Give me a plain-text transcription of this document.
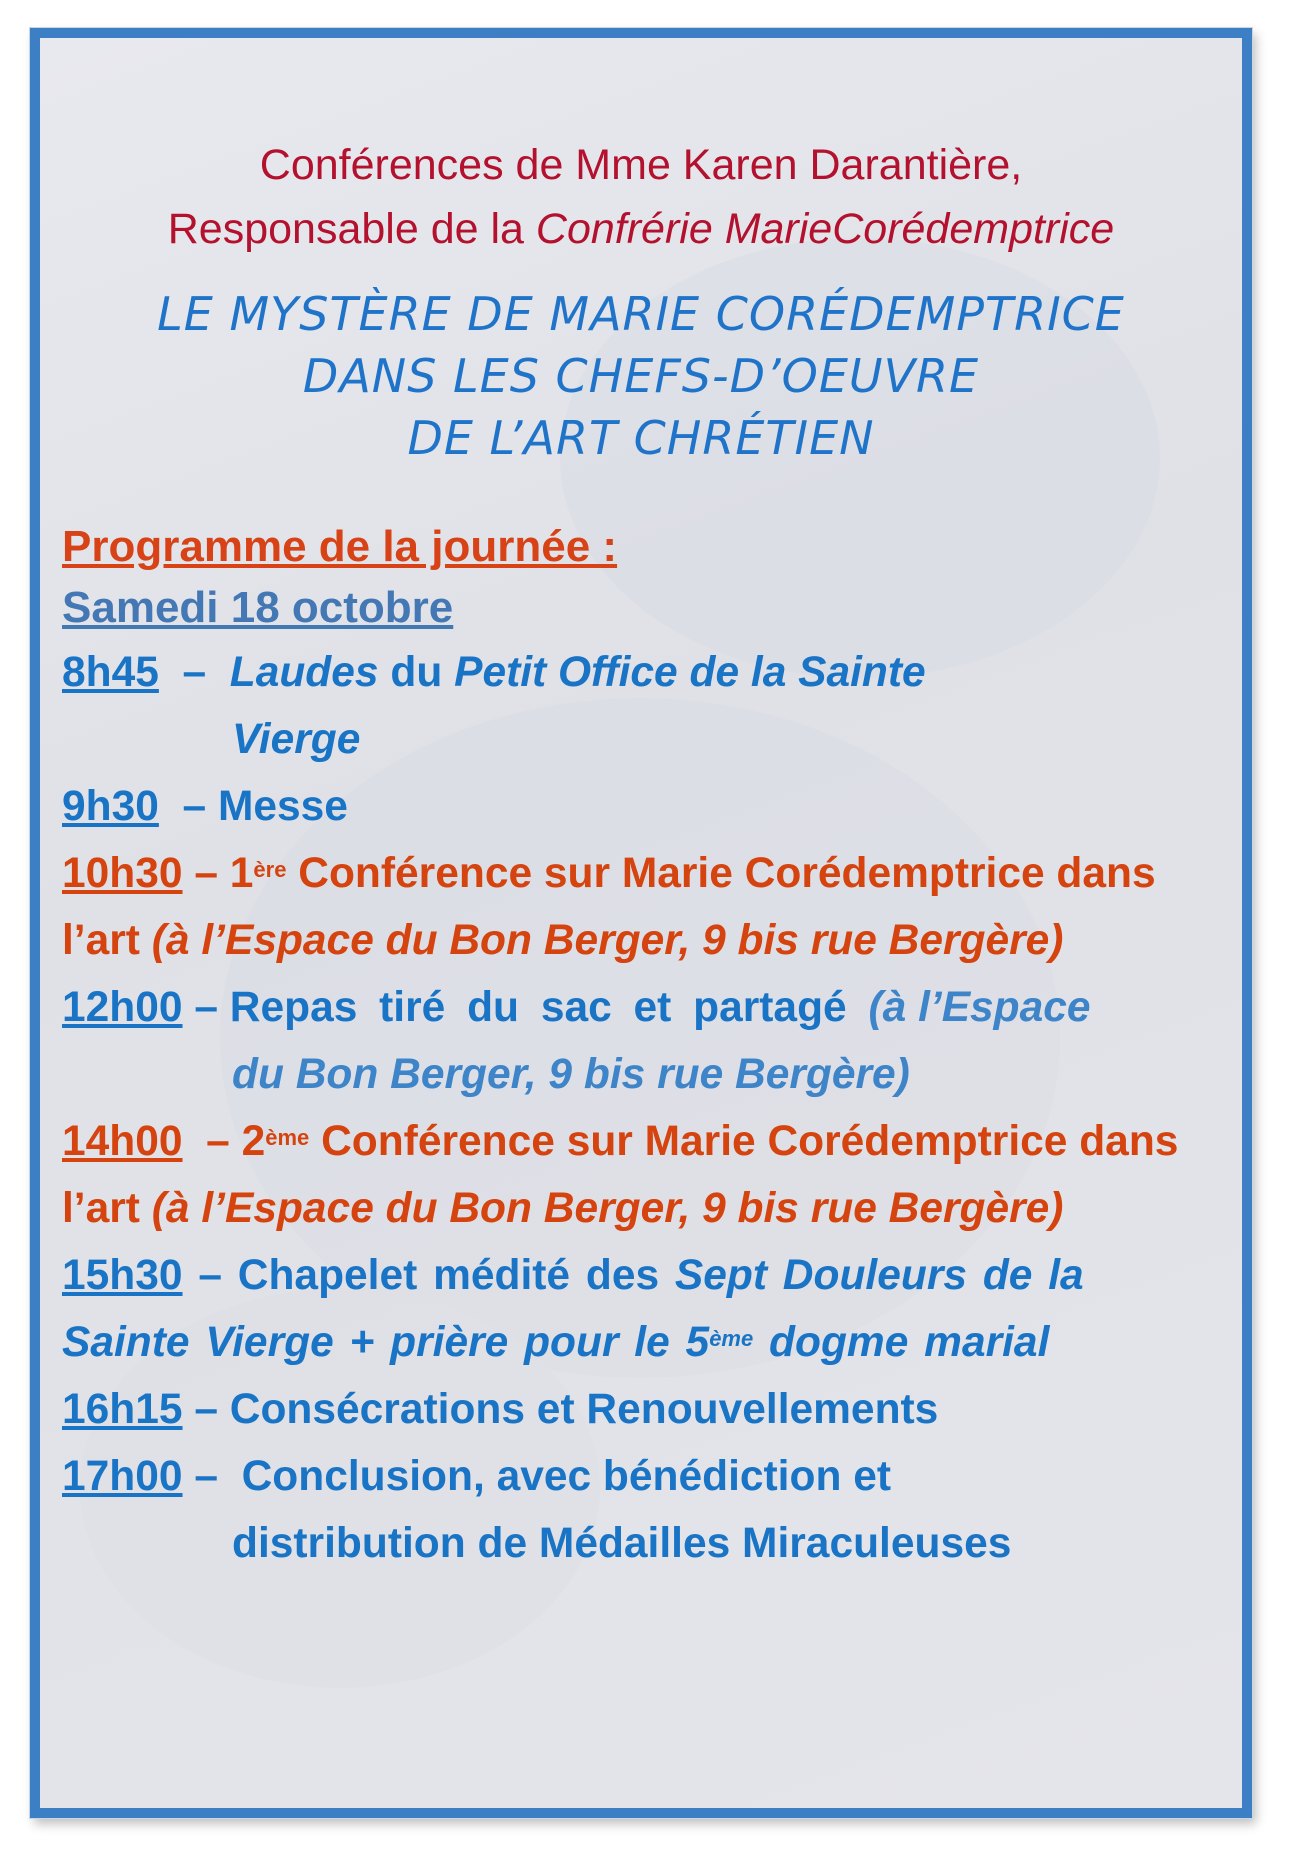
Conférences de Mme Karen Darantière,
Responsable de la Confrérie MarieCorédemptrice
LE MYSTÈRE DE MARIE CORÉDEMPTRICE
DANS LES CHEFS-D’OEUVRE
DE L’ART CHRÉTIEN
Programme de la journée :
Samedi 18 octobre
8h45  –  Laudes du Petit Office de la Sainte
Vierge
9h30  – Messe
10h30 – 1ère Conférence sur Marie Corédemptrice dans l’art (à l’Espace du Bon Berger, 9 bis rue Bergère)
12h00 – Repas tiré du sac et partagé (à l’Espace
du Bon Berger, 9 bis rue Bergère)
14h00  – 2ème Conférence sur Marie Corédemptrice dans l’art (à l’Espace du Bon Berger, 9 bis rue Bergère)
15h30 – Chapelet médité des Sept Douleurs de la Sainte Vierge + prière pour le 5ème dogme marial
16h15 – Consécrations et Renouvellements
17h00 –  Conclusion, avec bénédiction et
distribution de Médailles Miraculeuses
